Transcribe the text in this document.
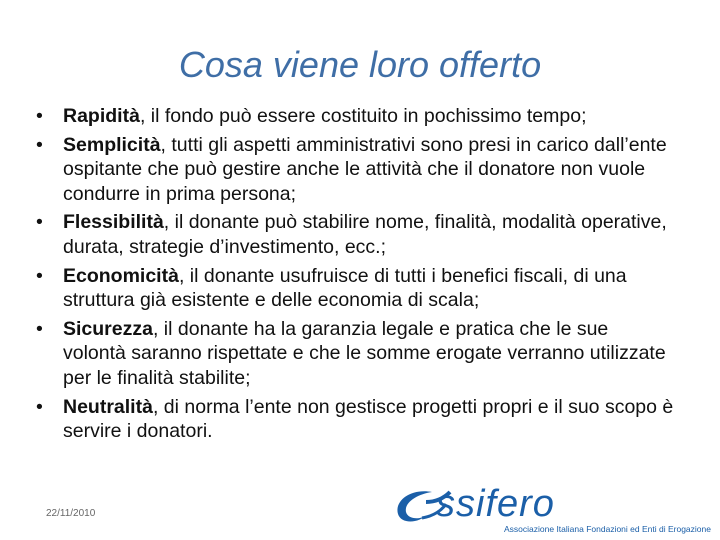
Cosa viene loro offerto
• Rapidità, il fondo può essere costituito in pochissimo tempo;
• Semplicità, tutti gli aspetti amministrativi sono presi in carico dall’ente ospitante che può gestire anche le attività che il donatore non vuole condurre in prima persona;
• Flessibilità, il donante può stabilire nome, finalità, modalità operative, durata, strategie d’investimento, ecc.;
• Economicità, il donante usufruisce di tutti i benefici fiscali, di una struttura già esistente e delle economia di scala;
• Sicurezza, il donante ha la garanzia legale e pratica che le sue volontà saranno rispettate e che le somme erogate verranno utilizzate per le finalità stabilite;
• Neutralità, di norma l’ente non gestisce progetti propri e il suo scopo è servire i donatori.
22/11/2010	ssifero
Associazione Italiana Fondazioni ed Enti di Erogazione
